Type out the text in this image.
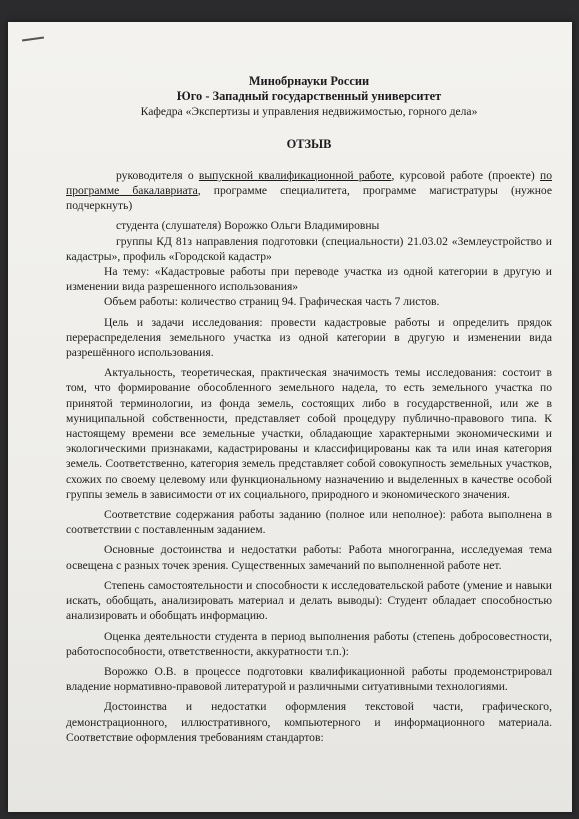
Минобрнауки России

Юго - Западный государственный университет

Кафедра «Экспертизы и управления недвижимостью, горного дела»

ОТЗЫВ

руководителя о выпускной квалификационной работе, курсовой работе (проекте) по программе бакалавриата, программе специалитета, программе магистратуры (нужное подчеркнуть)

студента (слушателя) Ворожко Ольги Владимировны

группы КД 81з направления подготовки (специальности) 21.03.02 «Землеустройство и кадастры», профиль «Городской кадастр»

На тему: «Кадастровые работы при переводе участка из одной категории в другую и изменении вида разрешенного использования»

Объем работы: количество страниц 94. Графическая часть 7 листов.

Цель и задачи исследования: провести кадастровые работы и определить прядок перераспределения земельного участка из одной категории в другую и изменении вида разрешённого использования.

Актуальность, теоретическая, практическая значимость темы исследования: состоит в том, что формирование обособленного земельного надела, то есть земельного участка по принятой терминологии, из фонда земель, состоящих либо в государственной, или же в муниципальной собственности, представляет собой процедуру публично-правового типа. К настоящему времени все земельные участки, обладающие характерными экономическими и экологическими признаками, кадастрированы и классифицированы как та или иная категория земель. Соответственно, категория земель представляет собой совокупность земельных участков, схожих по своему целевому или функциональному назначению и выделенных в качестве особой группы земель в зависимости от их социального, природного и экономического значения.

Соответствие содержания работы заданию (полное или неполное): работа выполнена в соответствии с поставленным заданием.

Основные достоинства и недостатки работы: Работа многогранна, исследуемая тема освещена с разных точек зрения. Существенных замечаний по выполненной работе нет.

Степень самостоятельности и способности к исследовательской работе (умение и навыки искать, обобщать, анализировать материал и делать выводы): Студент обладает способностью анализировать и обобщать информацию.

Оценка деятельности студента в период выполнения работы (степень добросовестности, работоспособности, ответственности, аккуратности т.п.):

Ворожко О.В. в процессе подготовки квалификационной работы продемонстрировал владение нормативно-правовой литературой и различными ситуативными технологиями.

Достоинства и недостатки оформления текстовой части, графического, демонстрационного, иллюстративного, компьютерного и информационного материала. Соответствие оформления требованиям стандартов:
